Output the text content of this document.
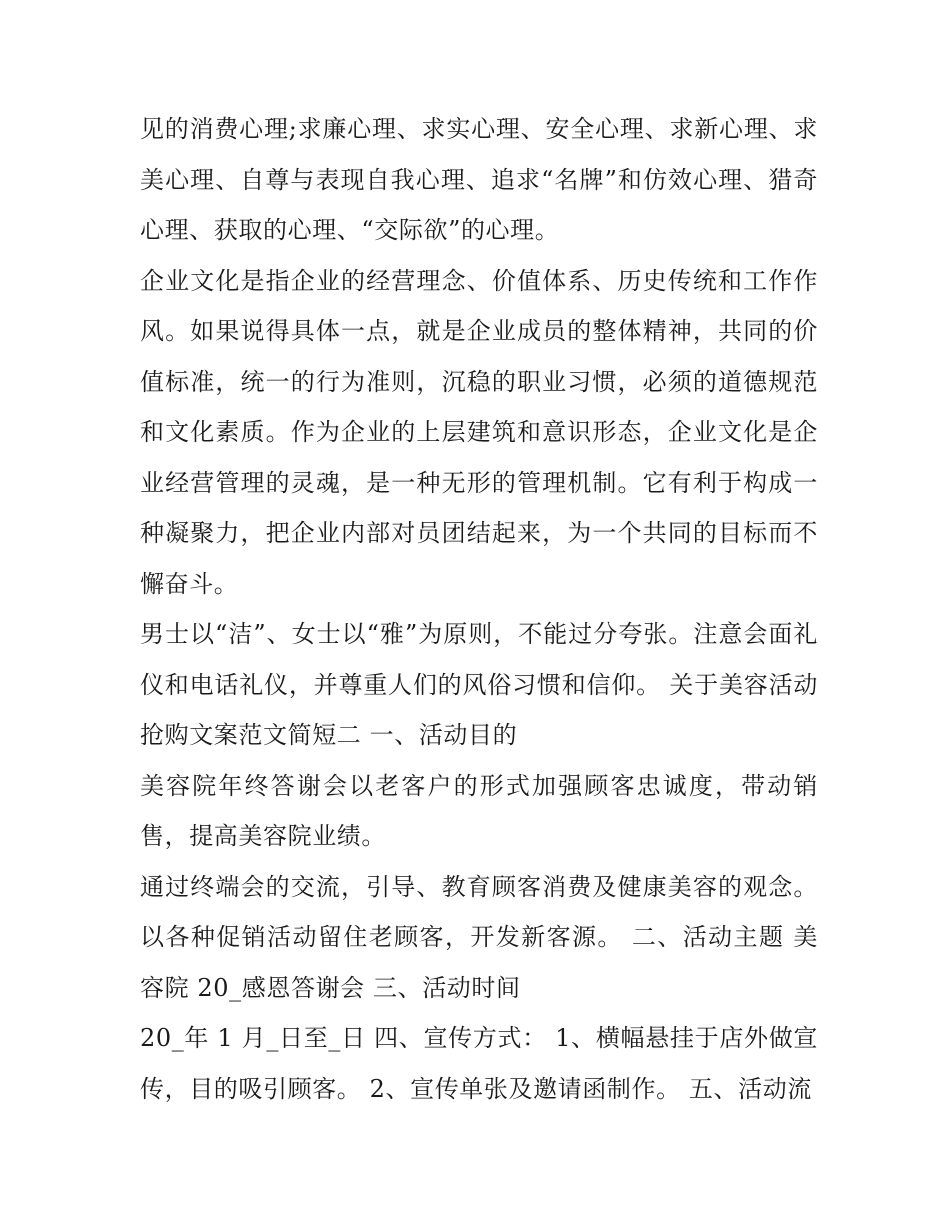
见的消费心理;求廉心理、求实心理、安全心理、求新心理、求美心理、自尊与表现自我心理、追求“名牌”和仿效心理、猎奇心理、获取的心理、“交际欲”的心理。

企业文化是指企业的经营理念、价值体系、历史传统和工作作风。如果说得具体一点，就是企业成员的整体精神，共同的价值标准，统一的行为准则，沉稳的职业习惯，必须的道德规范和文化素质。作为企业的上层建筑和意识形态，企业文化是企业经营管理的灵魂，是一种无形的管理机制。它有利于构成一种凝聚力，把企业内部对员团结起来，为一个共同的目标而不懈奋斗。

男士以“洁”、女士以“雅”为原则，不能过分夸张。注意会面礼仪和电话礼仪，并尊重人们的风俗习惯和信仰。 关于美容活动抢购文案范文简短二 一、活动目的

美容院年终答谢会以老客户的形式加强顾客忠诚度，带动销售，提高美容院业绩。

通过终端会的交流，引导、教育顾客消费及健康美容的观念。以各种促销活动留住老顾客，开发新客源。 二、活动主题 美容院 20_感恩答谢会 三、活动时间

20_年 1 月_日至_日 四、宣传方式： 1、横幅悬挂于店外做宣传，目的吸引顾客。 2、宣传单张及邀请函制作。 五、活动流
